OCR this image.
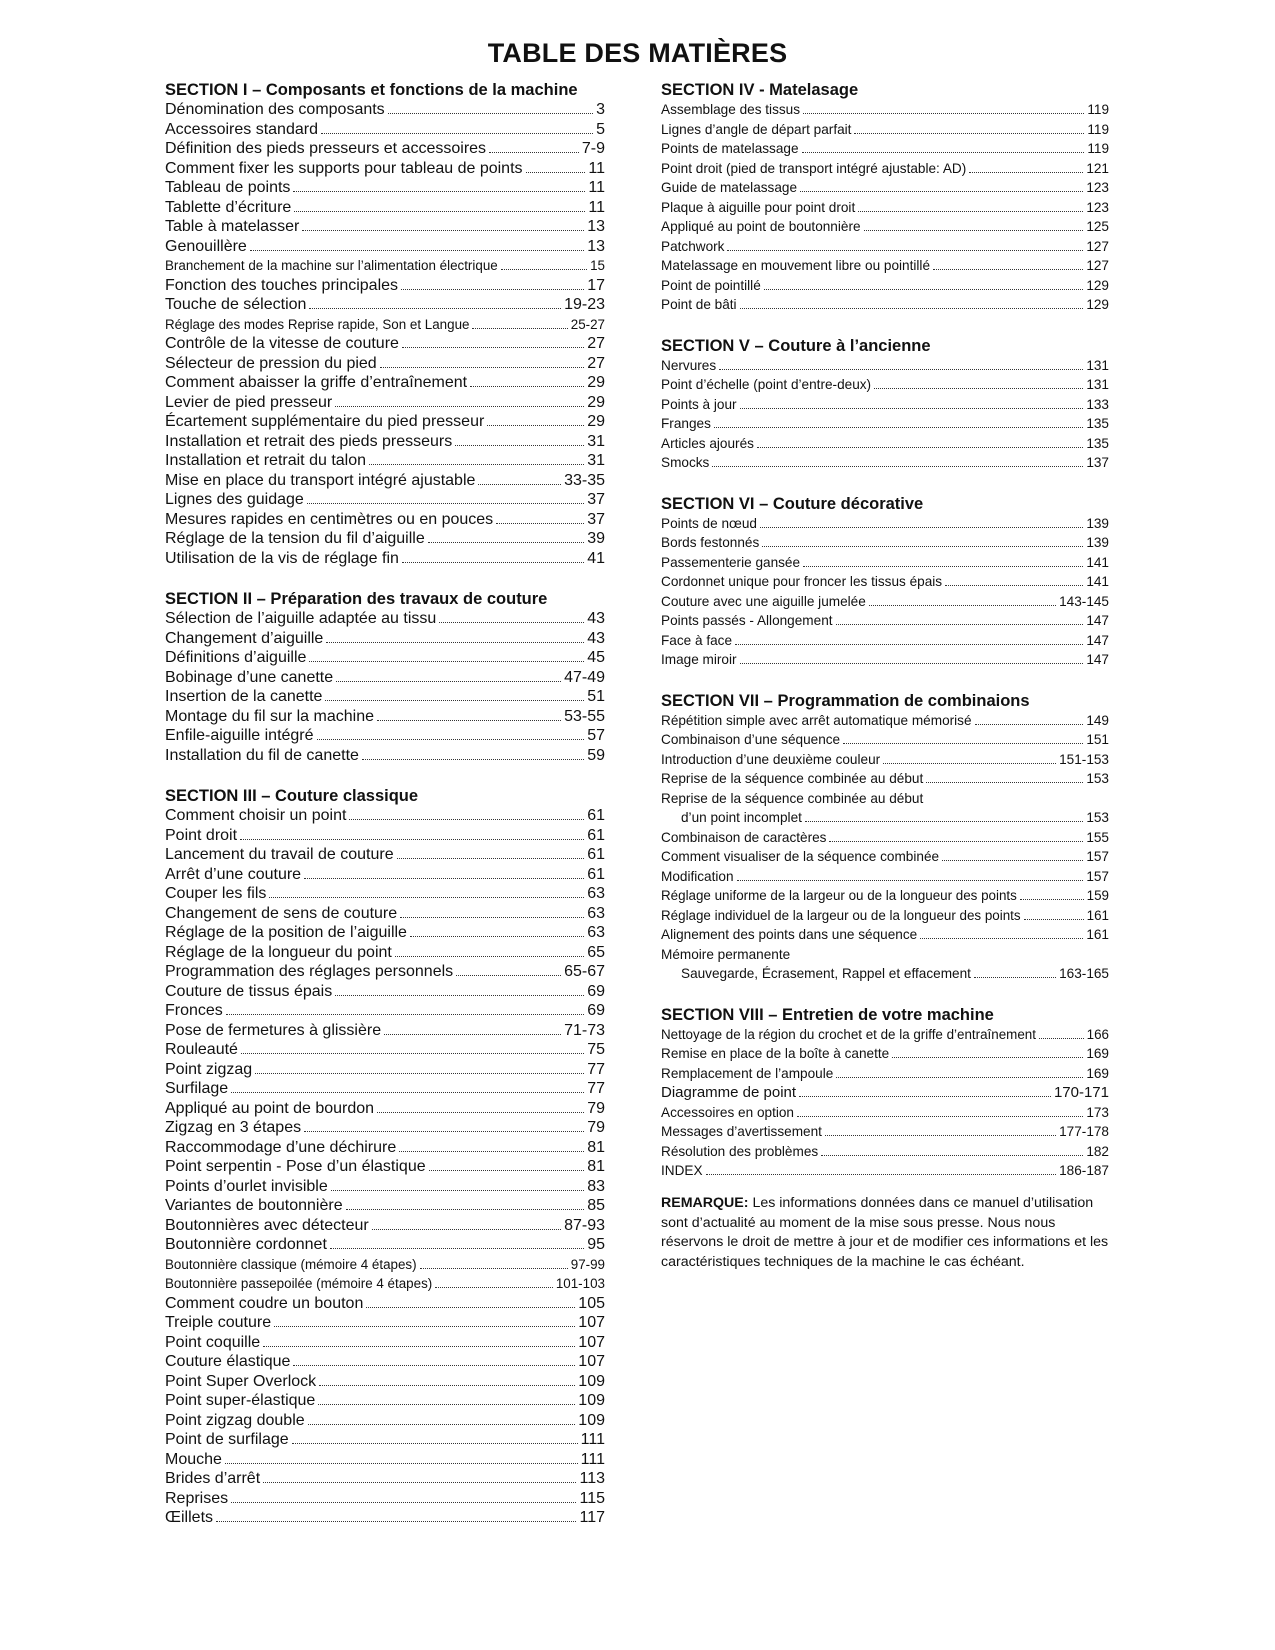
TABLE DES MATIÈRES
SECTION I – Composants et fonctions de la machine
Dénomination des composants	3
Accessoires standard	5
Définition des pieds presseurs et accessoires	7-9
Comment fixer les supports pour tableau de points	11
Tableau de points	11
Tablette d’écriture	11
Table à matelasser	13
Genouillère	13
Branchement de la machine sur l’alimentation électrique	15
Fonction des touches principales	17
Touche de sélection	19-23
Réglage des modes Reprise rapide, Son et Langue	25-27
Contrôle de la vitesse de couture	27
Sélecteur de pression du pied	27
Comment abaisser la griffe d’entraînement	29
Levier de pied presseur	29
Écartement supplémentaire du pied presseur	29
Installation et retrait des pieds presseurs	31
Installation et retrait du talon	31
Mise en place du transport intégré ajustable	33-35
Lignes des guidage	37
Mesures rapides en centimètres ou en pouces	37
Réglage de la tension du fil d’aiguille	39
Utilisation de la vis de réglage fin	41
SECTION II – Préparation des travaux de couture
Sélection de l’aiguille adaptée au tissu	43
Changement d’aiguille	43
Définitions d’aiguille	45
Bobinage d’une canette	47-49
Insertion de la canette	51
Montage du fil sur la machine	53-55
Enfile-aiguille intégré	57
Installation du fil de canette	59
SECTION III – Couture classique
Comment choisir un point	61
Point droit	61
Lancement du travail de couture	61
Arrêt d’une couture	61
Couper les fils	63
Changement de sens de couture	63
Réglage de la position de l’aiguille	63
Réglage de la longueur du point	65
Programmation des réglages personnels	65-67
Couture de tissus épais	69
Fronces	69
Pose de fermetures à glissière	71-73
Rouleauté	75
Point zigzag	77
Surfilage	77
Appliqué au point de bourdon	79
Zigzag en 3 étapes	79
Raccommodage d’une déchirure	81
Point serpentin - Pose d’un élastique	81
Points d’ourlet invisible	83
Variantes de boutonnière	85
Boutonnières avec détecteur	87-93
Boutonnière cordonnet	95
Boutonnière classique (mémoire 4 étapes)	97-99
Boutonnière passepoilée (mémoire 4 étapes)	101-103
Comment coudre un bouton	105
Treiple couture	107
Point coquille	107
Couture élastique	107
Point Super Overlock	109
Point super-élastique	109
Point zigzag double	109
Point de surfilage	111
Mouche	111
Brides d’arrêt	113
Reprises	115
Œillets	117
SECTION IV - Matelasage
Assemblage des tissus	119
Lignes d’angle de départ parfait	119
Points de matelassage	119
Point droit (pied de transport intégré ajustable: AD)	121
Guide de matelassage	123
Plaque à aiguille pour point droit	123
Appliqué au point de boutonnière	125
Patchwork	127
Matelassage en mouvement libre ou pointillé	127
Point de pointillé	129
Point de bâti	129
SECTION V – Couture à l’ancienne
Nervures	131
Point d’échelle (point d’entre-deux)	131
Points à jour	133
Franges	135
Articles ajourés	135
Smocks	137
SECTION VI – Couture décorative
Points de nœud	139
Bords festonnés	139
Passementerie gansée	141
Cordonnet unique pour froncer les tissus épais	141
Couture avec une aiguille jumelée	143-145
Points passés - Allongement	147
Face à face	147
Image miroir	147
SECTION VII – Programmation de combinaions
Répétition simple avec arrêt automatique mémorisé	149
Combinaison d’une séquence	151
Introduction d’une deuxième couleur	151-153
Reprise de la séquence combinée au début	153
Reprise de la séquence combinée au début
d’un point incomplet	153
Combinaison de caractères	155
Comment visualiser de la séquence combinée	157
Modification	157
Réglage uniforme de la largeur ou de la longueur des points	159
Réglage individuel de la largeur ou de la longueur des points	161
Alignement des points dans une séquence	161
Mémoire permanente
Sauvegarde, Écrasement, Rappel et effacement	163-165
SECTION VIII – Entretien de votre machine
Nettoyage de la région du crochet et de la griffe d’entraînement	166
Remise en place de la boîte à canette	169
Remplacement de l’ampoule	169
Diagramme de point	170-171
Accessoires en option	173
Messages d’avertissement	177-178
Résolution des problèmes	182
INDEX	186-187
REMARQUE: Les informations données dans ce manuel d’utilisation sont d’actualité au moment de la mise sous presse. Nous nous réservons le droit de mettre à jour et de modifier ces informations et les caractéristiques techniques de la machine le cas échéant.
